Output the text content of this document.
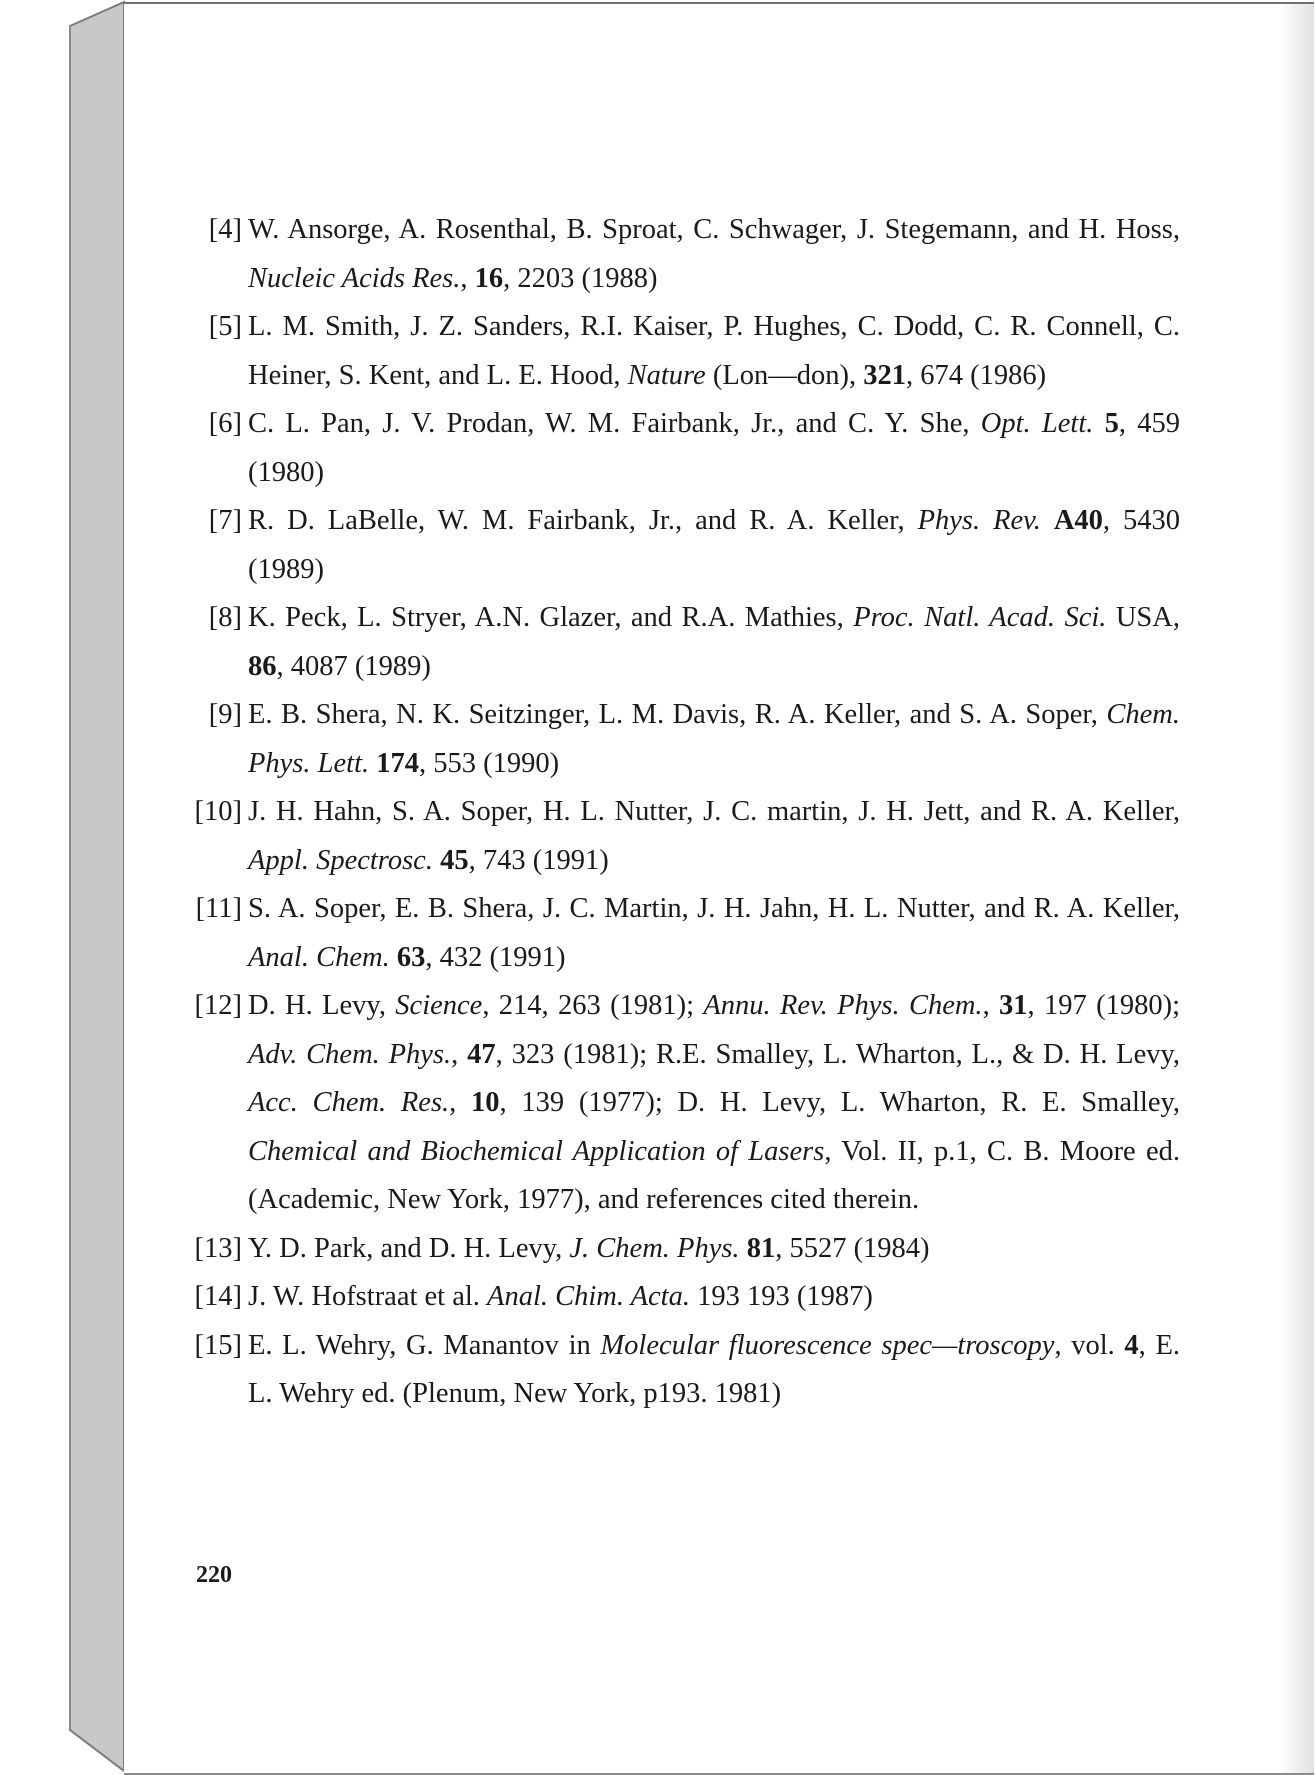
[4] W. Ansorge, A. Rosenthal, B. Sproat, C. Schwager, J. Stegemann, and H. Hoss, Nucleic Acids Res., 16, 2203 (1988)
[5] L. M. Smith, J. Z. Sanders, R.I. Kaiser, P. Hughes, C. Dodd, C. R. Connell, C. Heiner, S. Kent, and L. E. Hood, Nature (Lon—don), 321, 674 (1986)
[6] C. L. Pan, J. V. Prodan, W. M. Fairbank, Jr., and C. Y. She, Opt. Lett. 5, 459 (1980)
[7] R. D. LaBelle, W. M. Fairbank, Jr., and R. A. Keller, Phys. Rev. A40, 5430 (1989)
[8] K. Peck, L. Stryer, A.N. Glazer, and R.A. Mathies, Proc. Natl. Acad. Sci. USA, 86, 4087 (1989)
[9] E. B. Shera, N. K. Seitzinger, L. M. Davis, R. A. Keller, and S. A. Soper, Chem. Phys. Lett. 174, 553 (1990)
[10] J. H. Hahn, S. A. Soper, H. L. Nutter, J. C. martin, J. H. Jett, and R. A. Keller, Appl. Spectrosc. 45, 743 (1991)
[11] S. A. Soper, E. B. Shera, J. C. Martin, J. H. Jahn, H. L. Nutter, and R. A. Keller, Anal. Chem. 63, 432 (1991)
[12] D. H. Levy, Science, 214, 263 (1981); Annu. Rev. Phys. Chem., 31, 197 (1980); Adv. Chem. Phys., 47, 323 (1981); R.E. Smalley, L. Wharton, L., & D. H. Levy, Acc. Chem. Res., 10, 139 (1977); D. H. Levy, L. Wharton, R. E. Smalley, Chemical and Biochemical Application of Lasers, Vol. II, p.1, C. B. Moore ed. (Academic, New York, 1977), and references cited therein.
[13] Y. D. Park, and D. H. Levy, J. Chem. Phys. 81, 5527 (1984)
[14] J. W. Hofstraat et al. Anal. Chim. Acta. 193 193 (1987)
[15] E. L. Wehry, G. Manantov in Molecular fluorescence spec—troscopy, vol. 4, E. L. Wehry ed. (Plenum, New York, p193. 1981)
220
